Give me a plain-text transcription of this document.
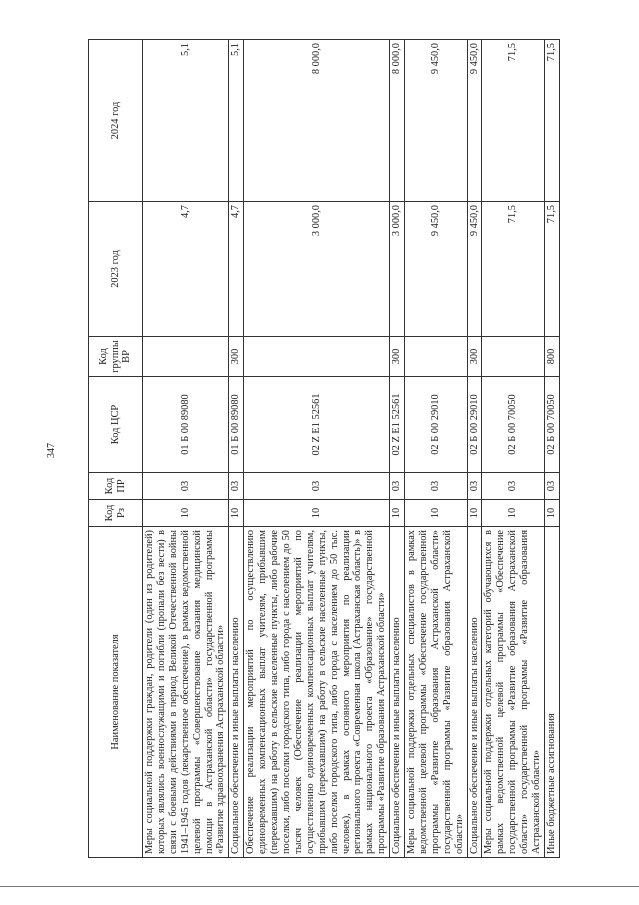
347
Наименование показателя	Код Рз	Код ПР	Код ЦСР	Код группы ВР	2023 год	2024 год
Меры социальной поддержки граждан, родители (один из родителей) которых являлись военнослужащими и погибли (пропали без вести) в связи с боевыми действиями в период Великой Отечественной войны 1941–1945 годов (лекарственное обеспечение), в рамках ведомственной целевой программы «Совершенствование оказания медицинской помощи в Астраханской области» государственной программы «Развитие здравоохранения Астраханской области»	10	03	01 Б 00 89080		4,7	5,1
Социальное обеспечение и иные выплаты населению	10	03	01 Б 00 89080	300	4,7	5,1
Обеспечение реализации мероприятий по осуществлению единовременных компенсационных выплат учителям, прибывшим (переехавшим) на работу в сельские населенные пункты, либо рабочие поселки, либо поселки городского типа, либо города с населением до 50 тысяч человек (Обеспечение реализации мероприятий по осуществлению единовременных компенсационных выплат учителям, прибывшим (переехавшим) на работу в сельские населенные пункты, либо поселки городского типа, либо города с населением до 50 тыс. человек), в рамках основного мероприятия по реализации регионального проекта «Современная школа (Астраханская область)» в рамках национального проекта «Образование» государственной программы «Развитие образования Астраханской области»	10	03	02 Z E1 52561		3 000,0	8 000,0
Социальное обеспечение и иные выплаты населению	10	03	02 Z E1 52561	300	3 000,0	8 000,0
Меры социальной поддержки отдельных специалистов в рамках ведомственной целевой программы «Обеспечение государственной программы «Развитие образования Астраханской области» государственной программы «Развитие образования Астраханской области»	10	03	02 Б 00 29010		9 450,0	9 450,0
Социальное обеспечение и иные выплаты населению	10	03	02 Б 00 29010	300	9 450,0	9 450,0
Меры социальной поддержки отдельных категорий обучающихся в рамках ведомственной целевой программы «Обеспечение государственной программы «Развитие образования Астраханской области» государственной программы «Развитие образования Астраханской области»	10	03	02 Б 00 70050		71,5	71,5
Иные бюджетные ассигнования	10	03	02 Б 00 70050	800	71,5	71,5
